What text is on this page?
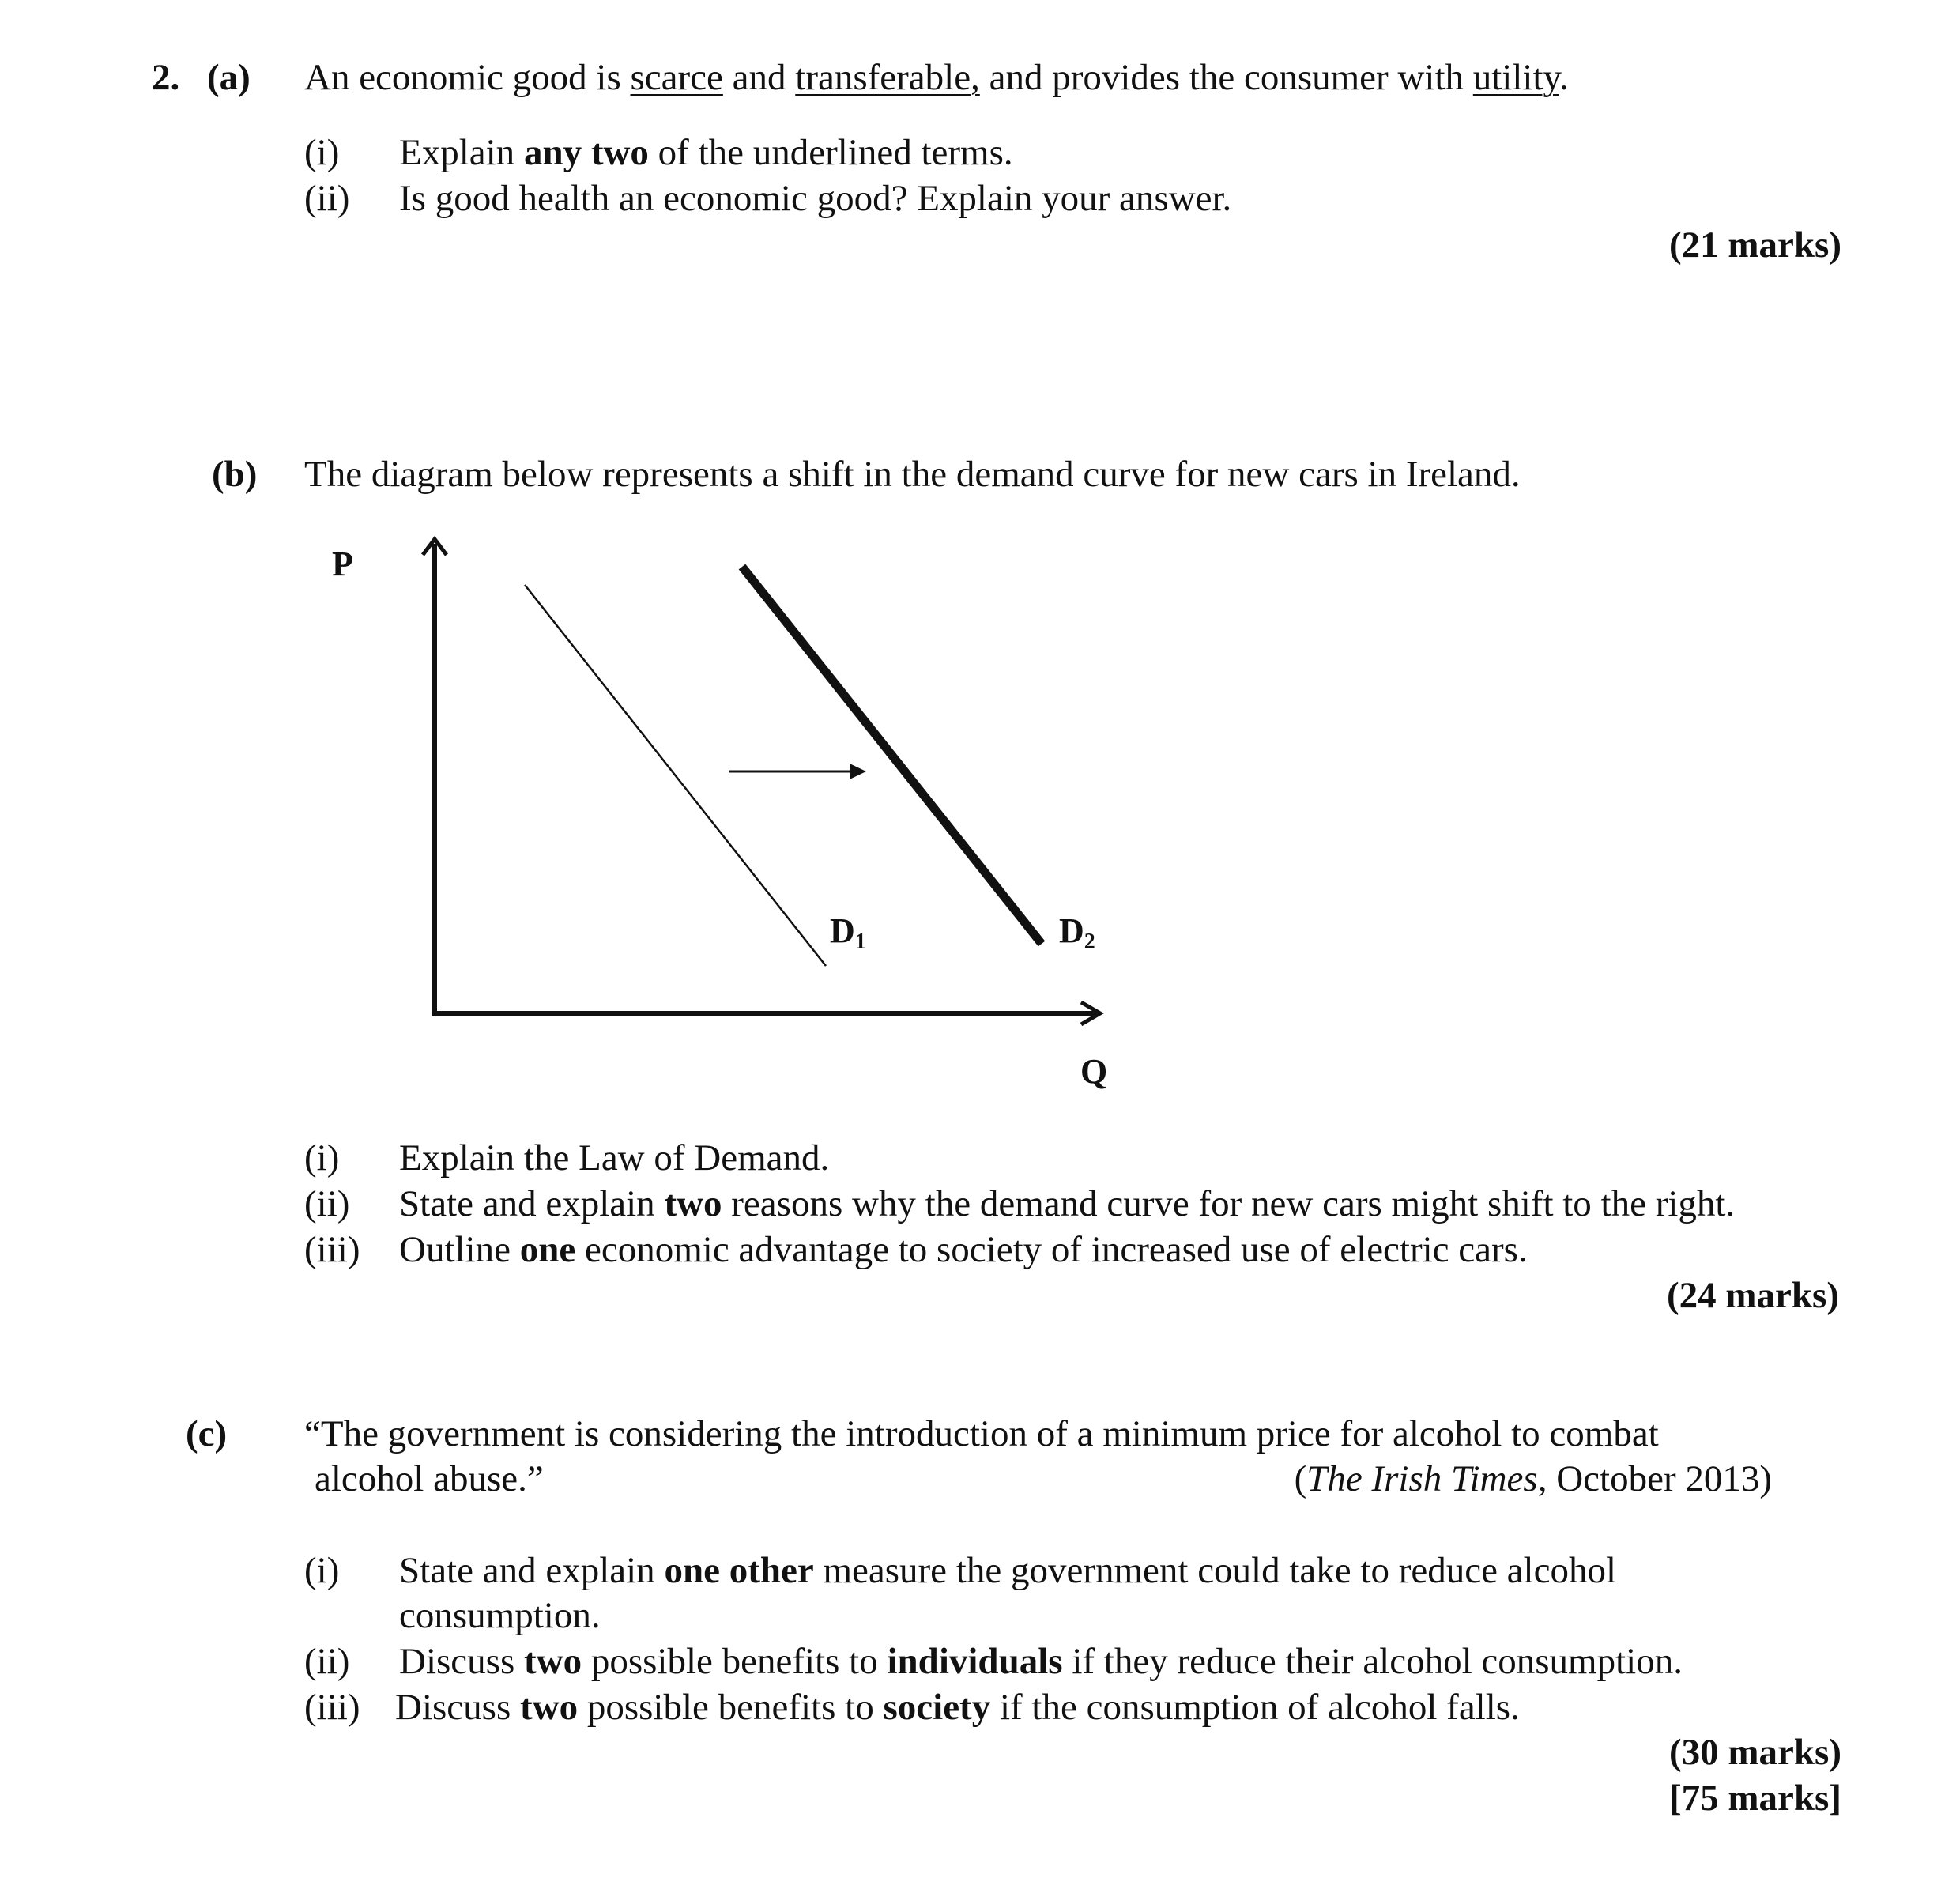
2. (a) An economic good is scarce and transferable, and provides the consumer with utility.
(i) Explain any two of the underlined terms.
(ii) Is good health an economic good? Explain your answer.
(21 marks)
(b) The diagram below represents a shift in the demand curve for new cars in Ireland.
P
Q
D1	D2
(i) Explain the Law of Demand.
(ii) State and explain two reasons why the demand curve for new cars might shift to the right.
(iii) Outline one economic advantage to society of increased use of electric cars.
(24 marks)
(c) “The government is considering the introduction of a minimum price for alcohol to combat
alcohol abuse.”	(The Irish Times, October 2013)
(i) State and explain one other measure the government could take to reduce alcohol
consumption.
(ii) Discuss two possible benefits to individuals if they reduce their alcohol consumption.
(iii) Discuss two possible benefits to society if the consumption of alcohol falls.
(30 marks)
[75 marks]
